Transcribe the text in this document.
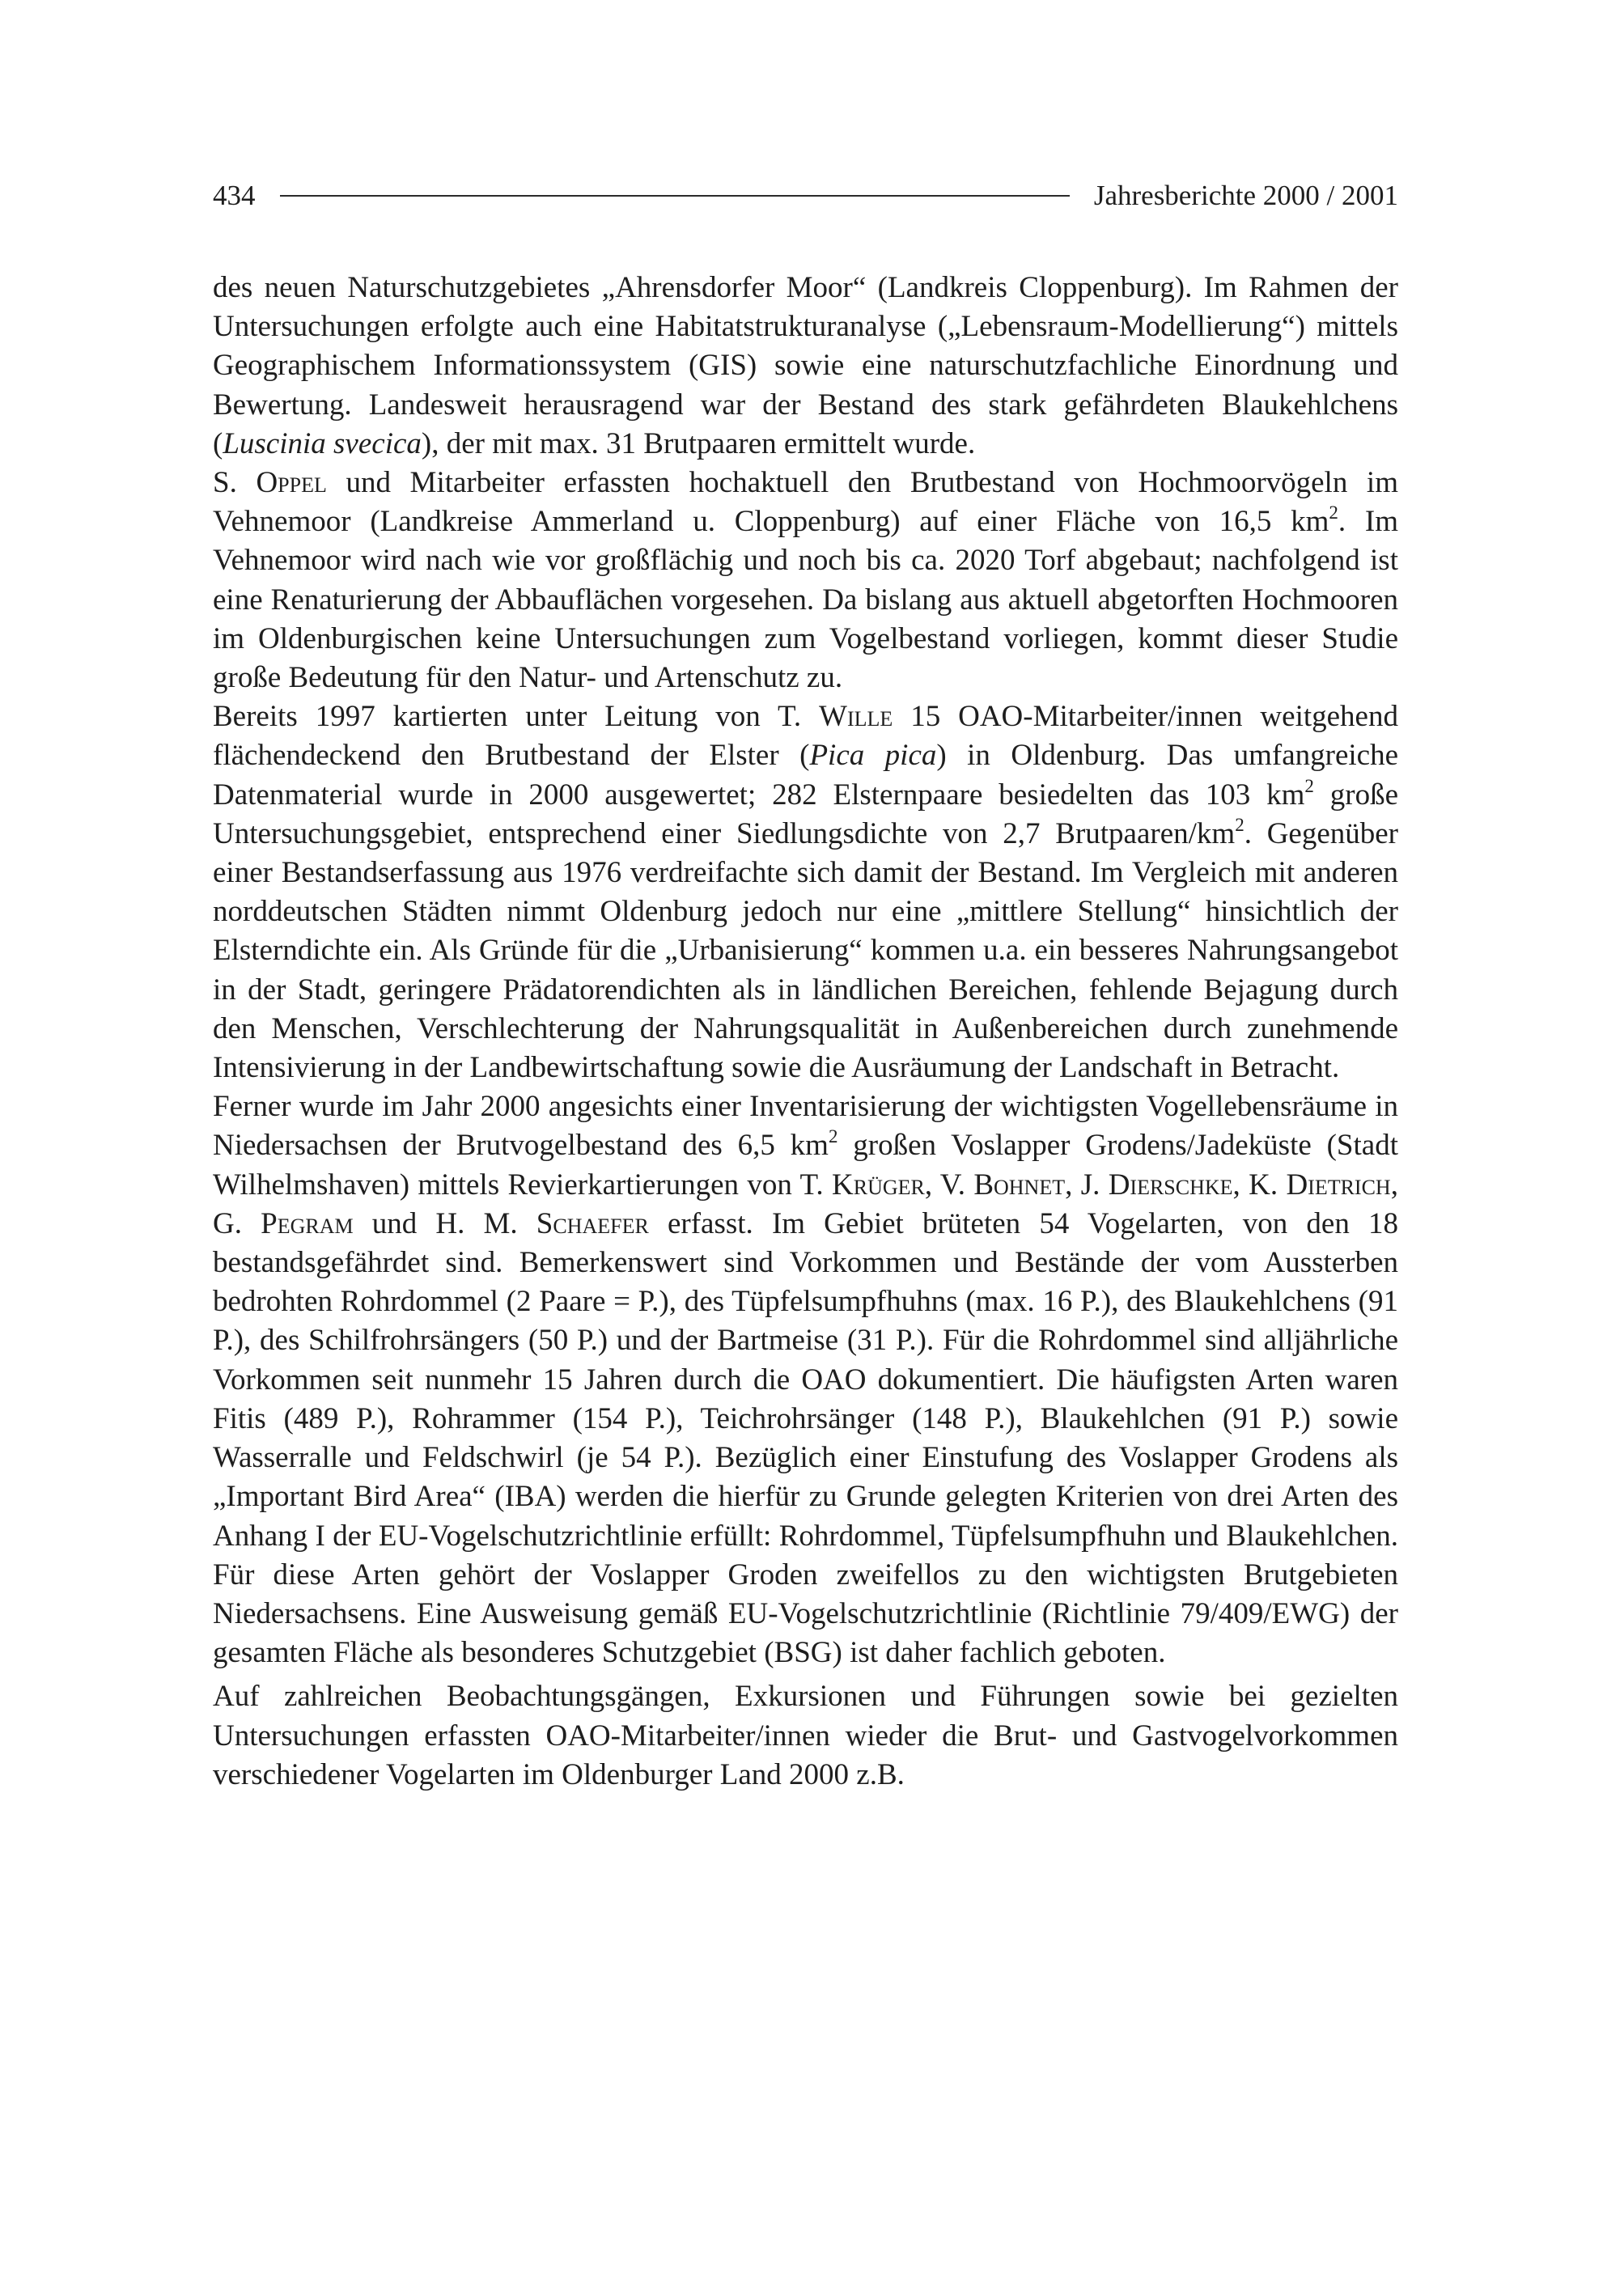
434	Jahresberichte 2000 / 2001

des neuen Naturschutzgebietes „Ahrensdorfer Moor“ (Landkreis Cloppenburg). Im Rahmen der Untersuchungen erfolgte auch eine Habitatstrukturanalyse („Lebensraum-Modellierung“) mittels Geographischem Informationssystem (GIS) sowie eine naturschutzfachliche Einordnung und Bewertung. Landesweit herausragend war der Bestand des stark gefährdeten Blaukehlchens (Luscinia svecica), der mit max. 31 Brutpaaren ermittelt wurde.

S. Oppel und Mitarbeiter erfassten hochaktuell den Brutbestand von Hochmoorvögeln im Vehnemoor (Landkreise Ammerland u. Cloppenburg) auf einer Fläche von 16,5 $km^2$. Im Vehnemoor wird nach wie vor großflächig und noch bis ca. 2020 Torf abgebaut; nachfolgend ist eine Renaturierung der Abbauflächen vorgesehen. Da bislang aus aktuell abgetorften Hochmooren im Oldenburgischen keine Untersuchungen zum Vogelbestand vorliegen, kommt dieser Studie große Bedeutung für den Natur- und Artenschutz zu.

Bereits 1997 kartierten unter Leitung von T. Wille 15 OAO-Mitarbeiter/innen weitgehend flächendeckend den Brutbestand der Elster (Pica pica) in Oldenburg. Das umfangreiche Datenmaterial wurde in 2000 ausgewertet; 282 Elsternpaare besiedelten das 103 $km^2$ große Untersuchungsgebiet, entsprechend einer Siedlungsdichte von 2,7 Brutpaaren/$km^2$. Gegenüber einer Bestandserfassung aus 1976 verdreifachte sich damit der Bestand. Im Vergleich mit anderen norddeutschen Städten nimmt Oldenburg jedoch nur eine „mittlere Stellung“ hinsichtlich der Elsterndichte ein. Als Gründe für die „Urbanisierung“ kommen u.a. ein besseres Nahrungsangebot in der Stadt, geringere Prädatorendichten als in ländlichen Bereichen, fehlende Bejagung durch den Menschen, Verschlechterung der Nahrungsqualität in Außenbereichen durch zunehmende Intensivierung in der Landbewirtschaftung sowie die Ausräumung der Landschaft in Betracht.

Ferner wurde im Jahr 2000 angesichts einer Inventarisierung der wichtigsten Vogellebensräume in Niedersachsen der Brutvogelbestand des 6,5 $km^2$ großen Voslapper Grodens/Jadeküste (Stadt Wilhelmshaven) mittels Revierkartierungen von T. Krüger, V. Bohnet, J. Dierschke, K. Dietrich, G. Pegram und H. M. Schaefer erfasst. Im Gebiet brüteten 54 Vogelarten, von den 18 bestandsgefährdet sind. Bemerkenswert sind Vorkommen und Bestände der vom Aussterben bedrohten Rohrdommel (2 Paare = P.), des Tüpfelsumpfhuhns (max. 16 P.), des Blaukehlchens (91 P.), des Schilfrohrsängers (50 P.) und der Bartmeise (31 P.). Für die Rohrdommel sind alljährliche Vorkommen seit nunmehr 15 Jahren durch die OAO dokumentiert. Die häufigsten Arten waren Fitis (489 P.), Rohrammer (154 P.), Teichrohrsänger (148 P.), Blaukehlchen (91 P.) sowie Wasserralle und Feldschwirl (je 54 P.). Bezüglich einer Einstufung des Voslapper Grodens als „Important Bird Area“ (IBA) werden die hierfür zu Grunde gelegten Kriterien von drei Arten des Anhang I der EU-Vogelschutzrichtlinie erfüllt: Rohrdommel, Tüpfelsumpfhuhn und Blaukehlchen. Für diese Arten gehört der Voslapper Groden zweifellos zu den wichtigsten Brutgebieten Niedersachsens. Eine Ausweisung gemäß EU-Vogelschutzrichtlinie (Richtlinie 79/409/EWG) der gesamten Fläche als besonderes Schutzgebiet (BSG) ist daher fachlich geboten.

Auf zahlreichen Beobachtungsgängen, Exkursionen und Führungen sowie bei gezielten Untersuchungen erfassten OAO-Mitarbeiter/innen wieder die Brut- und Gastvogelvorkommen verschiedener Vogelarten im Oldenburger Land 2000 z.B.
